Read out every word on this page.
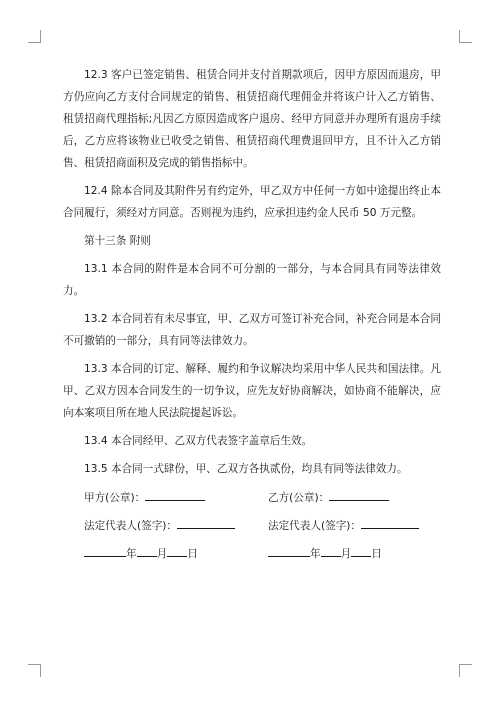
12.3 客户已签定销售、租赁合同并支付首期款项后，因甲方原因而退房，甲方仍应向乙方支付合同规定的销售、租赁招商代理佣金并将该户计入乙方销售、租赁招商代理指标;凡因乙方原因造成客户退房、经甲方同意并办理所有退房手续后，乙方应将该物业已收受之销售、租赁招商代理费退回甲方，且不计入乙方销售、租赁招商面积及完成的销售指标中。

12.4 除本合同及其附件另有约定外，甲乙双方中任何一方如中途提出终止本合同履行，须经对方同意。否则视为违约，应承担违约金人民币 50 万元整。

第十三条 附则

13.1 本合同的附件是本合同不可分割的一部分，与本合同具有同等法律效力。

13.2 本合同若有未尽事宜，甲、乙双方可签订补充合同，补充合同是本合同不可撤销的一部分，具有同等法律效力。

13.3 本合同的订定、解释、履约和争议解决均采用中华人民共和国法律。凡甲、乙双方因本合同发生的一切争议，应先友好协商解决，如协商不能解决，应向本案项目所在地人民法院提起诉讼。

13.4 本合同经甲、乙双方代表签字盖章后生效。

13.5 本合同一式肆份，甲、乙双方各执贰份，均具有同等法律效力。

甲方(公章)：	乙方(公章)：
法定代表人(签字)：	法定代表人(签字)：
年 月 日	年 月 日
